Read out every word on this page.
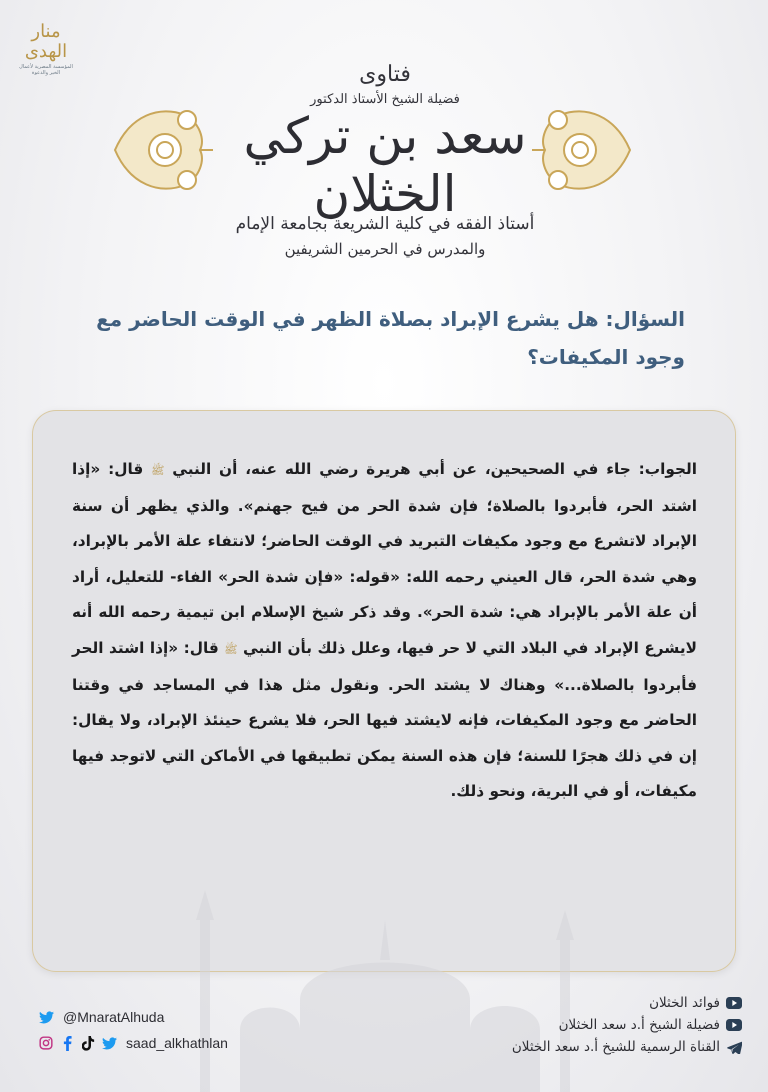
منار الهدى
المؤسسة المصرية لأعمال الخير والدعوة	فتاوى
فضيلة الشيخ الأستاذ الدكتور
سعد بن تركي الخثلان
أستاذ الفقه في كلية الشريعة بجامعة الإمام
والمدرس في الحرمين الشريفين
السؤال: هل يشرع الإبراد بصلاة الظهر في الوقت الحاضر مع وجود المكيفات؟
الجواب: جاء في الصحيحين، عن أبي هريرة رضي الله عنه، أن النبي ﷺ قال: «إذا اشتد الحر، فأبردوا بالصلاة؛ فإن شدة الحر من فيح جهنم». والذي يظهر أن سنة الإبراد لاتشرع مع وجود مكيفات التبريد في الوقت الحاضر؛ لانتفاء علة الأمر بالإبراد، وهي شدة الحر، قال العيني رحمه الله: «قوله: «فإن شدة الحر» الفاء- للتعليل، أراد أن علة الأمر بالإبراد هي: شدة الحر». وقد ذكر شيخ الإسلام ابن تيمية رحمه الله أنه لايشرع الإبراد في البلاد التي لا حر فيها، وعلل ذلك بأن النبي ﷺ قال: «إذا اشتد الحر فأبردوا بالصلاة...» وهناك لا يشتد الحر. ونقول مثل هذا في المساجد في وقتنا الحاضر مع وجود المكيفات، فإنه لايشتد فيها الحر، فلا يشرع حينئذ الإبراد، ولا يقال: إن في ذلك هجرًا للسنة؛ فإن هذه السنة يمكن تطبيقها في الأماكن التي لاتوجد فيها مكيفات، أو في البرية، ونحو ذلك.
@MnaratAlhuda
saad_alkhathlan
فوائد الخثلان
فضيلة الشيخ أ.د سعد الخثلان
القناة الرسمية للشيخ أ.د سعد الخثلان
